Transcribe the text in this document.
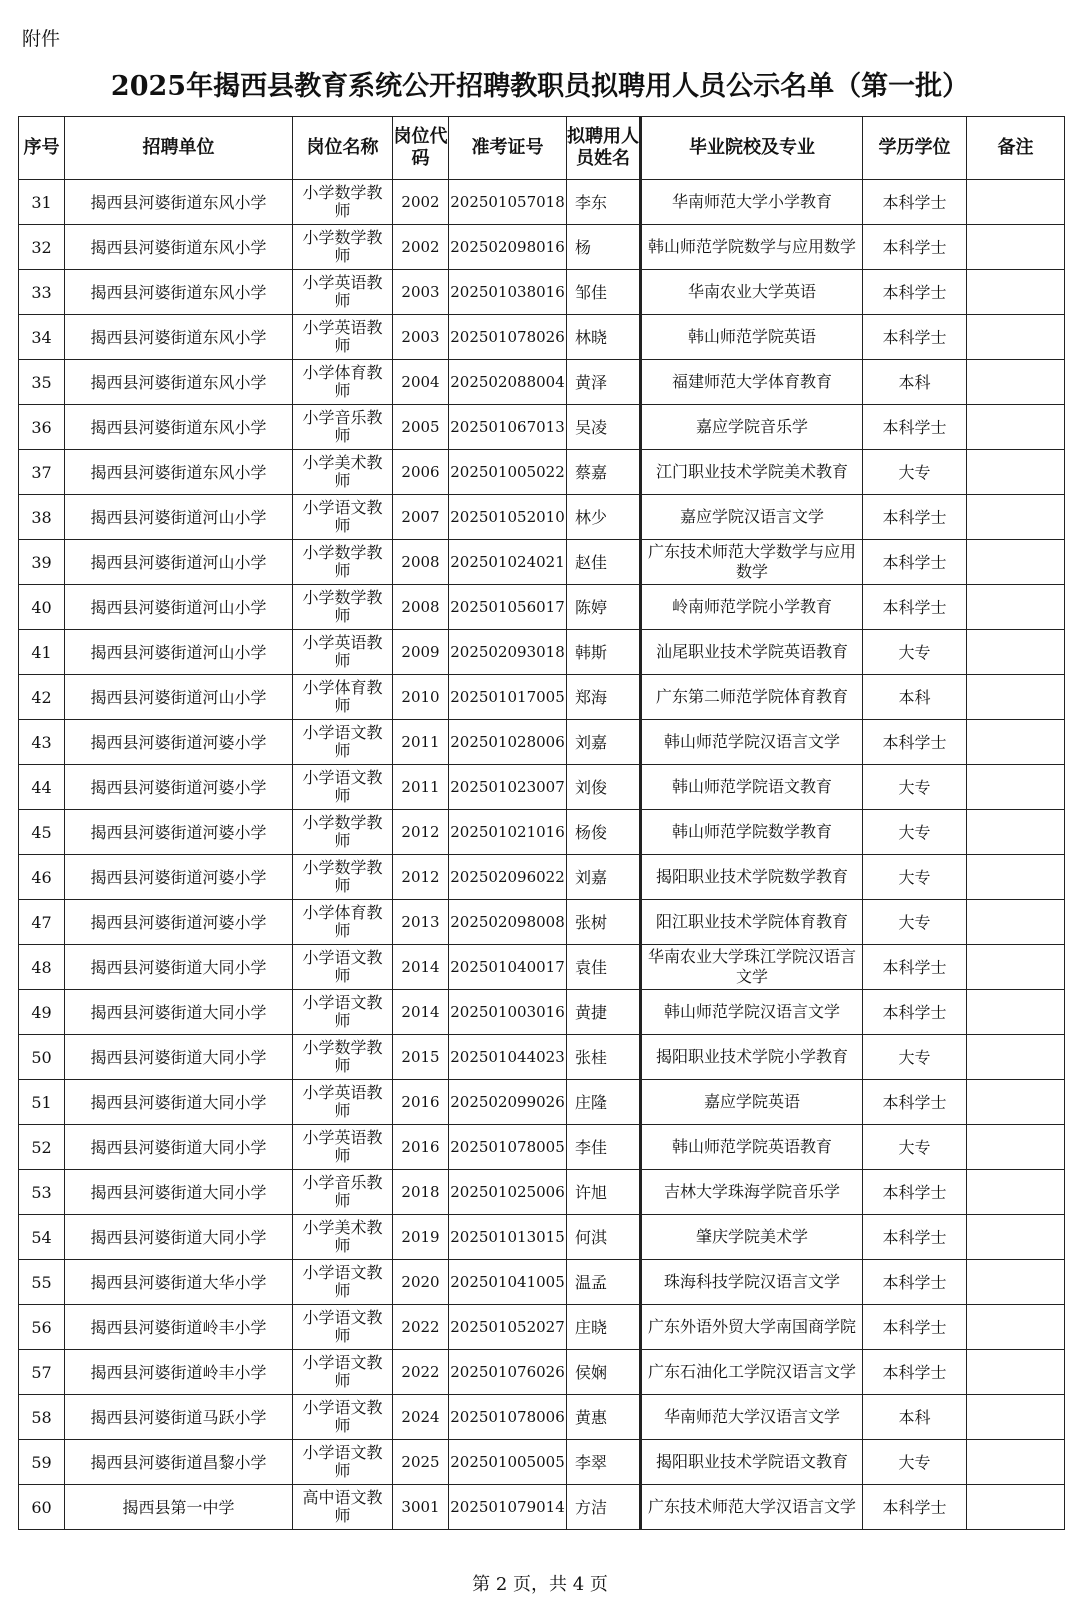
附件
2025年揭西县教育系统公开招聘教职员拟聘用人员公示名单（第一批）
序号	招聘单位	岗位名称	岗位代码	准考证号	拟聘用人员姓名	毕业院校及专业	学历学位	备注
31	揭西县河婆街道东风小学	小学数学教师	2002	202501057018	李东	华南师范大学小学教育	本科学士	
32	揭西县河婆街道东风小学	小学数学教师	2002	202502098016	杨	韩山师范学院数学与应用数学	本科学士	
33	揭西县河婆街道东风小学	小学英语教师	2003	202501038016	邹佳	华南农业大学英语	本科学士	
34	揭西县河婆街道东风小学	小学英语教师	2003	202501078026	林晓	韩山师范学院英语	本科学士	
35	揭西县河婆街道东风小学	小学体育教师	2004	202502088004	黄泽	福建师范大学体育教育	本科	
36	揭西县河婆街道东风小学	小学音乐教师	2005	202501067013	吴凌	嘉应学院音乐学	本科学士	
37	揭西县河婆街道东风小学	小学美术教师	2006	202501005022	蔡嘉	江门职业技术学院美术教育	大专	
38	揭西县河婆街道河山小学	小学语文教师	2007	202501052010	林少	嘉应学院汉语言文学	本科学士	
39	揭西县河婆街道河山小学	小学数学教师	2008	202501024021	赵佳	广东技术师范大学数学与应用数学	本科学士	
40	揭西县河婆街道河山小学	小学数学教师	2008	202501056017	陈婷	岭南师范学院小学教育	本科学士	
41	揭西县河婆街道河山小学	小学英语教师	2009	202502093018	韩斯	汕尾职业技术学院英语教育	大专	
42	揭西县河婆街道河山小学	小学体育教师	2010	202501017005	郑海	广东第二师范学院体育教育	本科	
43	揭西县河婆街道河婆小学	小学语文教师	2011	202501028006	刘嘉	韩山师范学院汉语言文学	本科学士	
44	揭西县河婆街道河婆小学	小学语文教师	2011	202501023007	刘俊	韩山师范学院语文教育	大专	
45	揭西县河婆街道河婆小学	小学数学教师	2012	202501021016	杨俊	韩山师范学院数学教育	大专	
46	揭西县河婆街道河婆小学	小学数学教师	2012	202502096022	刘嘉	揭阳职业技术学院数学教育	大专	
47	揭西县河婆街道河婆小学	小学体育教师	2013	202502098008	张树	阳江职业技术学院体育教育	大专	
48	揭西县河婆街道大同小学	小学语文教师	2014	202501040017	袁佳	华南农业大学珠江学院汉语言文学	本科学士	
49	揭西县河婆街道大同小学	小学语文教师	2014	202501003016	黄捷	韩山师范学院汉语言文学	本科学士	
50	揭西县河婆街道大同小学	小学数学教师	2015	202501044023	张桂	揭阳职业技术学院小学教育	大专	
51	揭西县河婆街道大同小学	小学英语教师	2016	202502099026	庄隆	嘉应学院英语	本科学士	
52	揭西县河婆街道大同小学	小学英语教师	2016	202501078005	李佳	韩山师范学院英语教育	大专	
53	揭西县河婆街道大同小学	小学音乐教师	2018	202501025006	许旭	吉林大学珠海学院音乐学	本科学士	
54	揭西县河婆街道大同小学	小学美术教师	2019	202501013015	何淇	肇庆学院美术学	本科学士	
55	揭西县河婆街道大华小学	小学语文教师	2020	202501041005	温孟	珠海科技学院汉语言文学	本科学士	
56	揭西县河婆街道岭丰小学	小学语文教师	2022	202501052027	庄晓	广东外语外贸大学南国商学院	本科学士	
57	揭西县河婆街道岭丰小学	小学语文教师	2022	202501076026	侯娴	广东石油化工学院汉语言文学	本科学士	
58	揭西县河婆街道马跃小学	小学语文教师	2024	202501078006	黄惠	华南师范大学汉语言文学	本科	
59	揭西县河婆街道昌黎小学	小学语文教师	2025	202501005005	李翠	揭阳职业技术学院语文教育	大专	
60	揭西县第一中学	高中语文教师	3001	202501079014	方洁	广东技术师范大学汉语言文学	本科学士	
第 2 页，共 4 页
